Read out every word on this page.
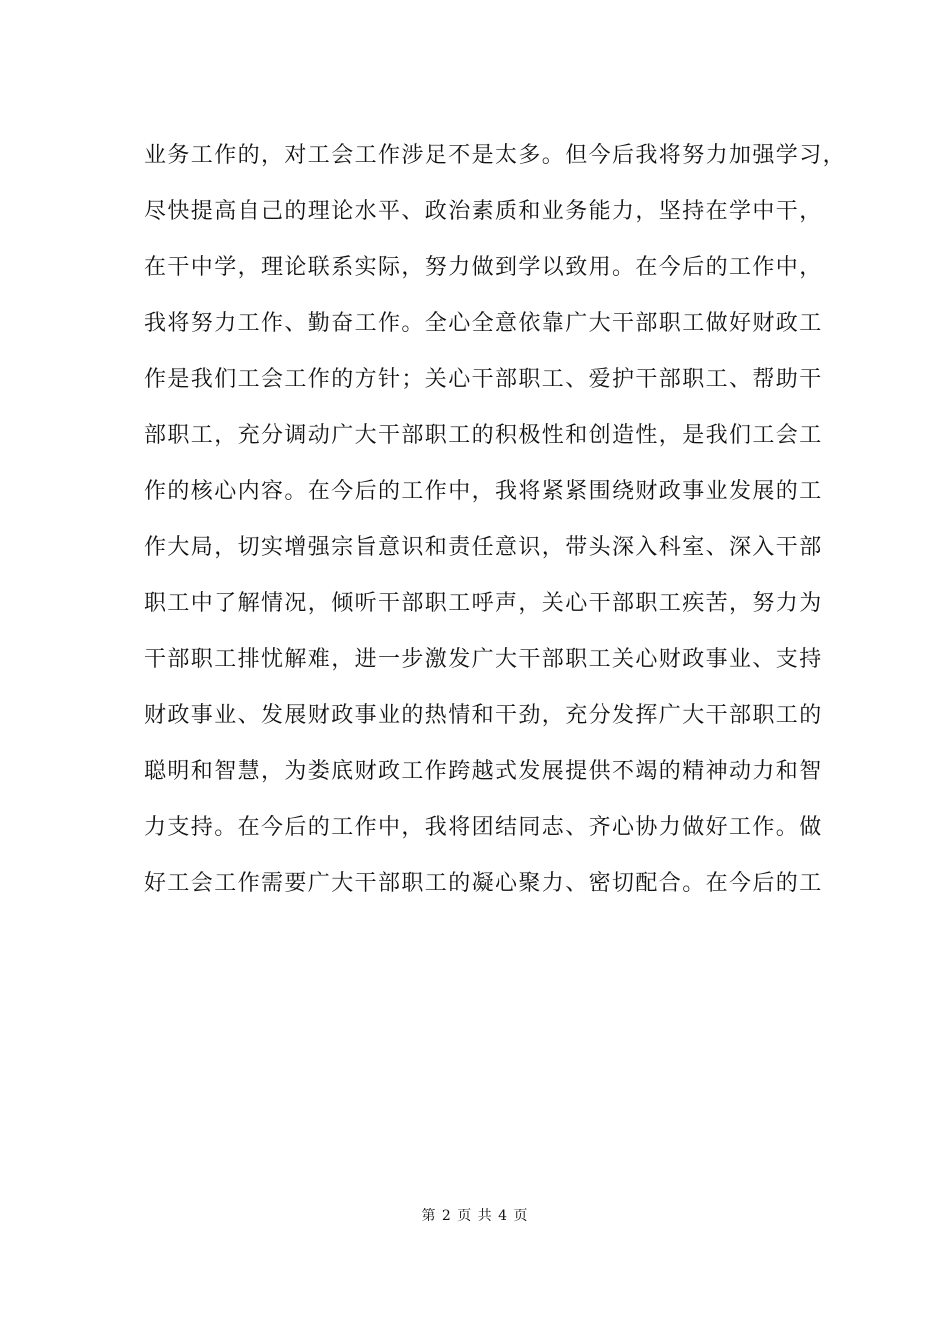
业务工作的，对工会工作涉足不是太多。但今后我将努力加强学习，
尽快提高自己的理论水平、政治素质和业务能力，坚持在学中干，
在干中学，理论联系实际，努力做到学以致用。在今后的工作中，
我将努力工作、勤奋工作。全心全意依靠广大干部职工做好财政工
作是我们工会工作的方针；关心干部职工、爱护干部职工、帮助干
部职工，充分调动广大干部职工的积极性和创造性，是我们工会工
作的核心内容。在今后的工作中，我将紧紧围绕财政事业发展的工
作大局，切实增强宗旨意识和责任意识，带头深入科室、深入干部
职工中了解情况，倾听干部职工呼声，关心干部职工疾苦，努力为
干部职工排忧解难，进一步激发广大干部职工关心财政事业、支持
财政事业、发展财政事业的热情和干劲，充分发挥广大干部职工的
聪明和智慧，为娄底财政工作跨越式发展提供不竭的精神动力和智
力支持。在今后的工作中，我将团结同志、齐心协力做好工作。做
好工会工作需要广大干部职工的凝心聚力、密切配合。在今后的工
第 2 页 共 4 页
